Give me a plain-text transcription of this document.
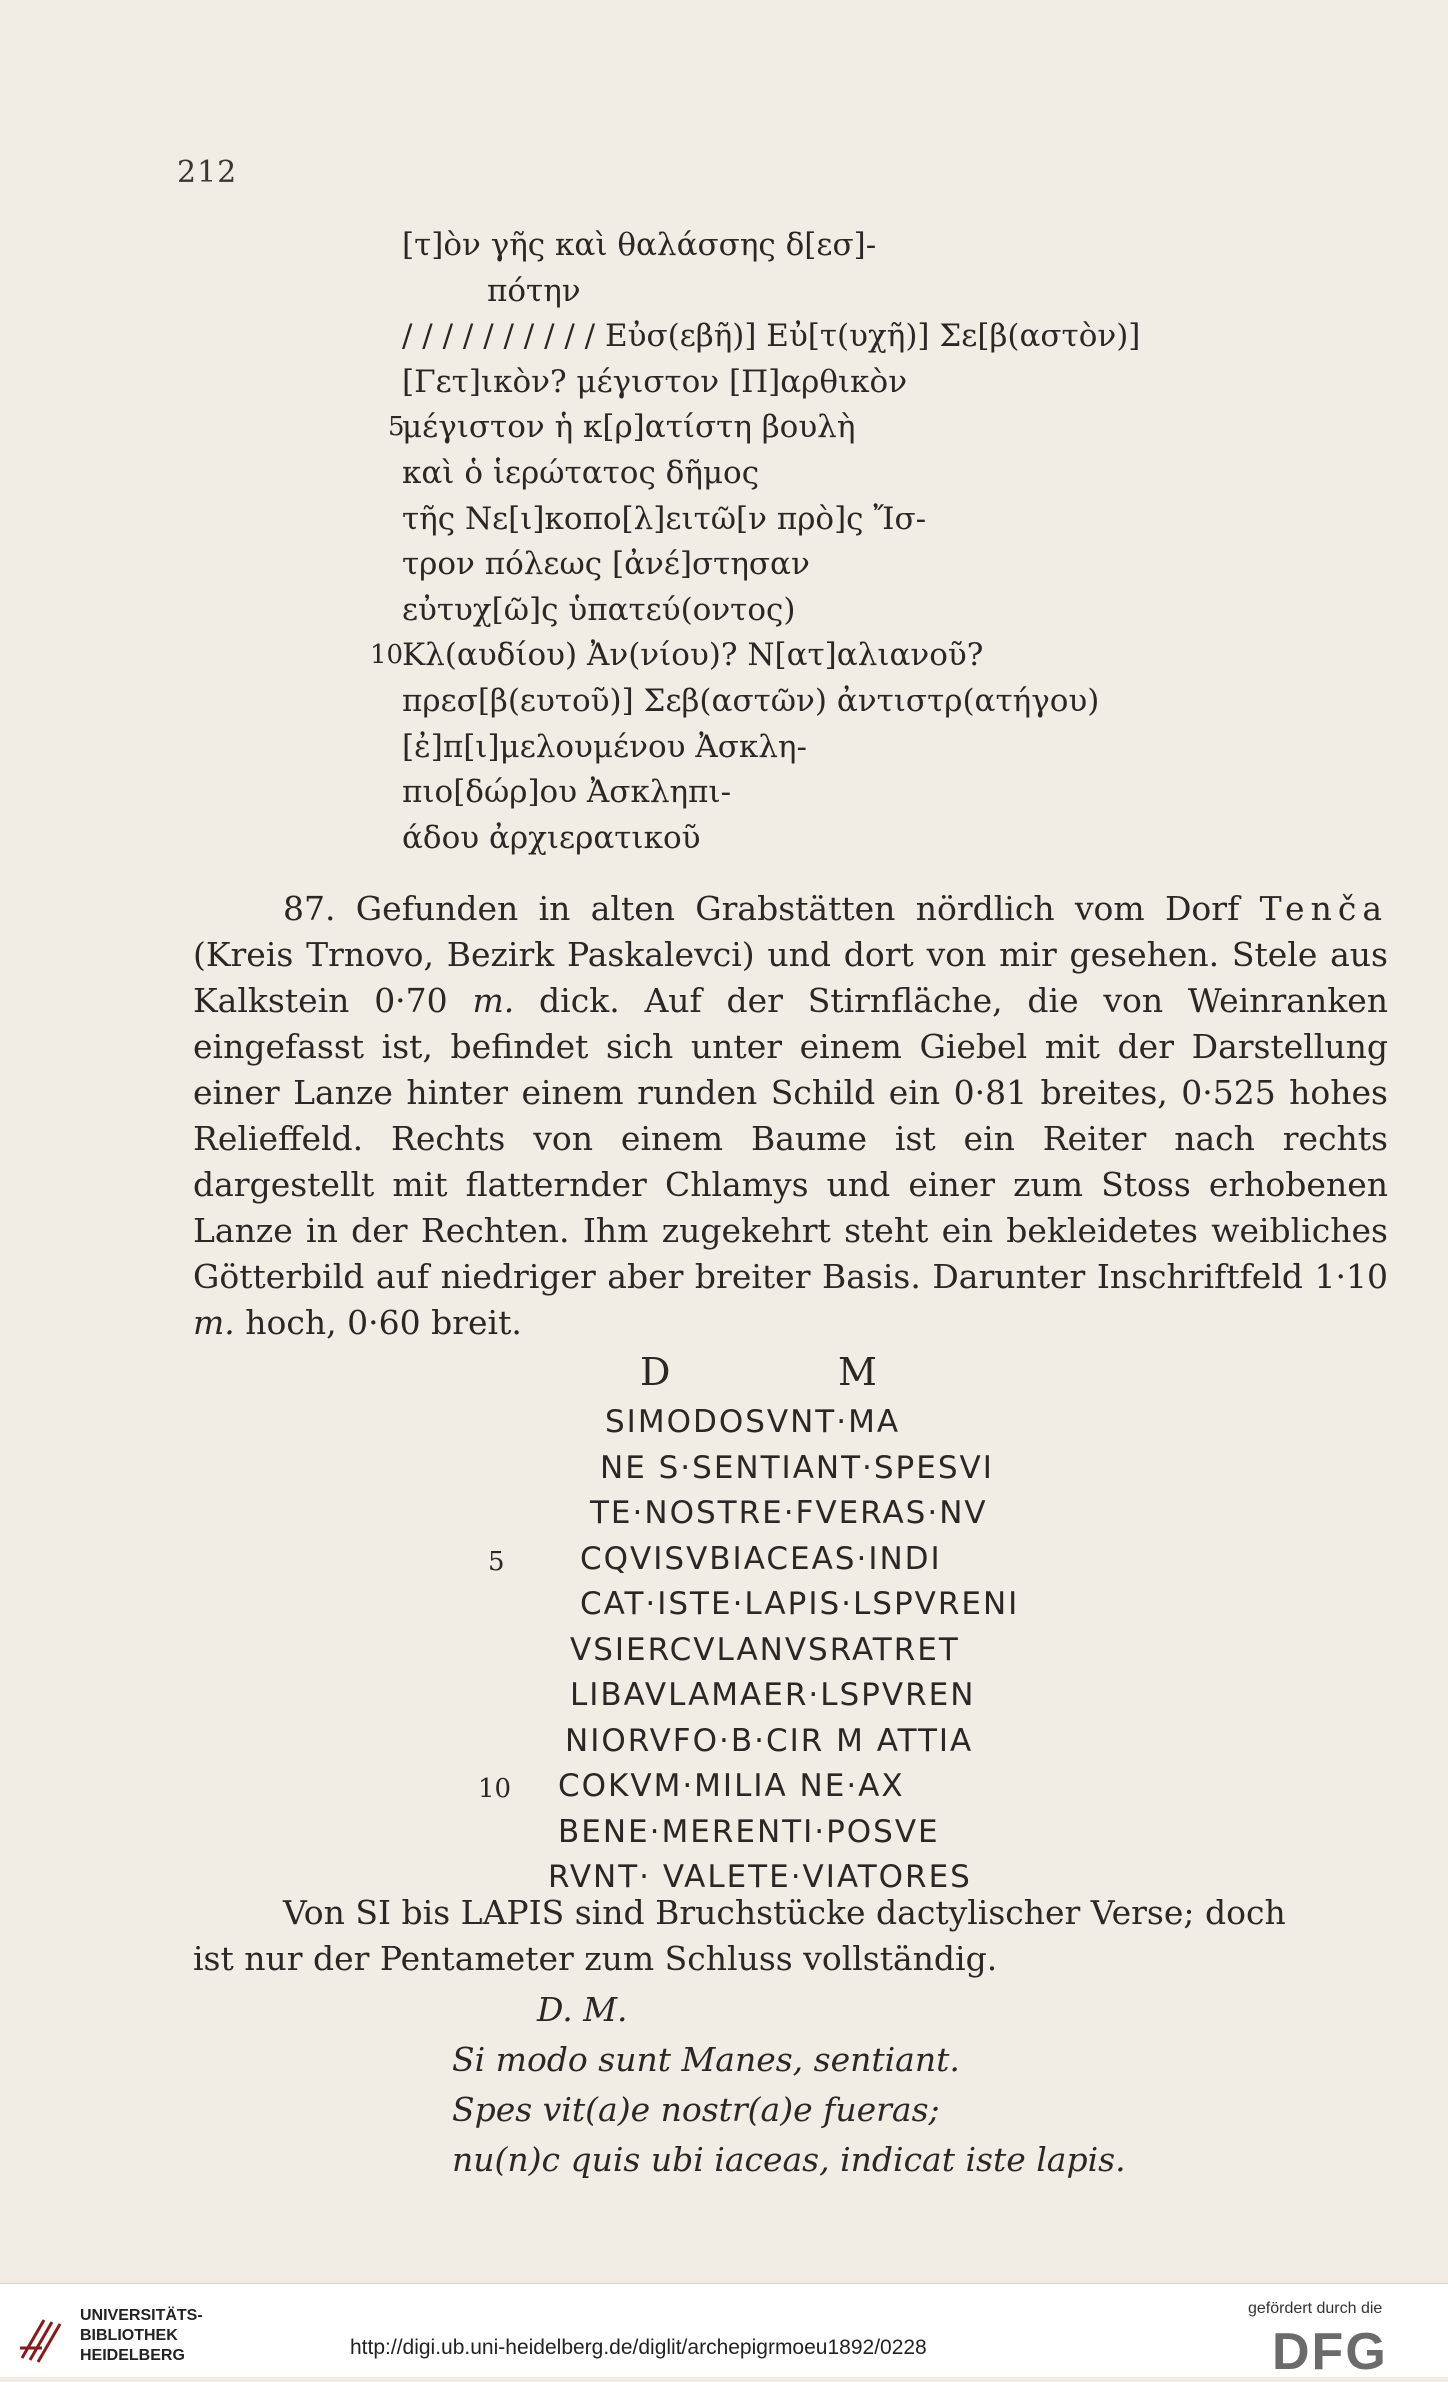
212
[τ]ὸν γῆς καὶ θαλάσσης δ[εσ]-
πότην
/ / / / / / / / / / Εὐσ(εβῆ)] Εὐ[τ(υχῆ)] Σε[β(αστὸν)]
[Γετ]ικὸν? μέγιστον [Π]αρθικὸν
5
μέγιστον ἡ κ[ρ]ατίστη βουλὴ
καὶ ὁ ἱερώτατος δῆμος
τῆς Νε[ι]κοπο[λ]ειτῶ[ν πρὸ]ς Ἴσ-
τρον πόλεως [ἀνέ]στησαν
εὐτυχ[ῶ]ς ὑπατεύ(οντος)
10
Κλ(αυδίου) Ἀν(νίου)? Ν[ατ]αλιανοῦ?
πρεσ[β(ευτοῦ)] Σεβ(αστῶν) ἀντιστρ(ατήγου)
[ἐ]π[ι]μελουμένου Ἀσκλη-
πιο[δώρ]ου Ἀσκληπι-
άδου ἀρχιερατικοῦ

87. Gefunden in alten Grabstätten nördlich vom Dorf Tenča (Kreis Trnovo, Bezirk Paskalevci) und dort von mir gesehen. Stele aus Kalkstein 0·70 m. dick. Auf der Stirnfläche, die von Weinranken eingefasst ist, befindet sich unter einem Giebel mit der Darstellung einer Lanze hinter einem runden Schild ein 0·81 breites, 0·525 hohes Relieffeld. Rechts von einem Baume ist ein Reiter nach rechts dargestellt mit flatternder Chlamys und einer zum Stoss erhobenen Lanze in der Rechten. Ihm zugekehrt steht ein bekleidetes weibliches Götterbild auf niedriger aber breiter Basis. Darunter Inschriftfeld 1·10 m. hoch, 0·60 breit.

D	M
SIMODOSVNT·MA
NE S·SENTIANT·SPESVI
TE·NOSTRE·FVERAS·NV
5 CQVISVBIACEAS·INDI
CAT·ISTE·LAPIS·LSPVRENI
VSIERCVLANVSRATRET
LIBAVLAMAER·LSPVREN
NIORVFO·B·CIR M ATTIA
10 COKVM·MILIA NE·AX
BENE·MERENTI·POSVE
RVNT· VALETE·VIATORES

Von SI bis LAPIS sind Bruchstücke dactylischer Verse; doch

ist nur der Pentameter zum Schluss vollständig.

D. M.
Si modo sunt Manes, sentiant.
Spes vit(a)e nostr(a)e fueras;
nu(n)c quis ubi iaceas, indicat iste lapis.
UNIVERSITÄTS-
BIBLIOTHEK
HEIDELBERG	http://digi.ub.uni-heidelberg.de/diglit/archepigrmoeu1892/0228
gefördert durch die
DFG
